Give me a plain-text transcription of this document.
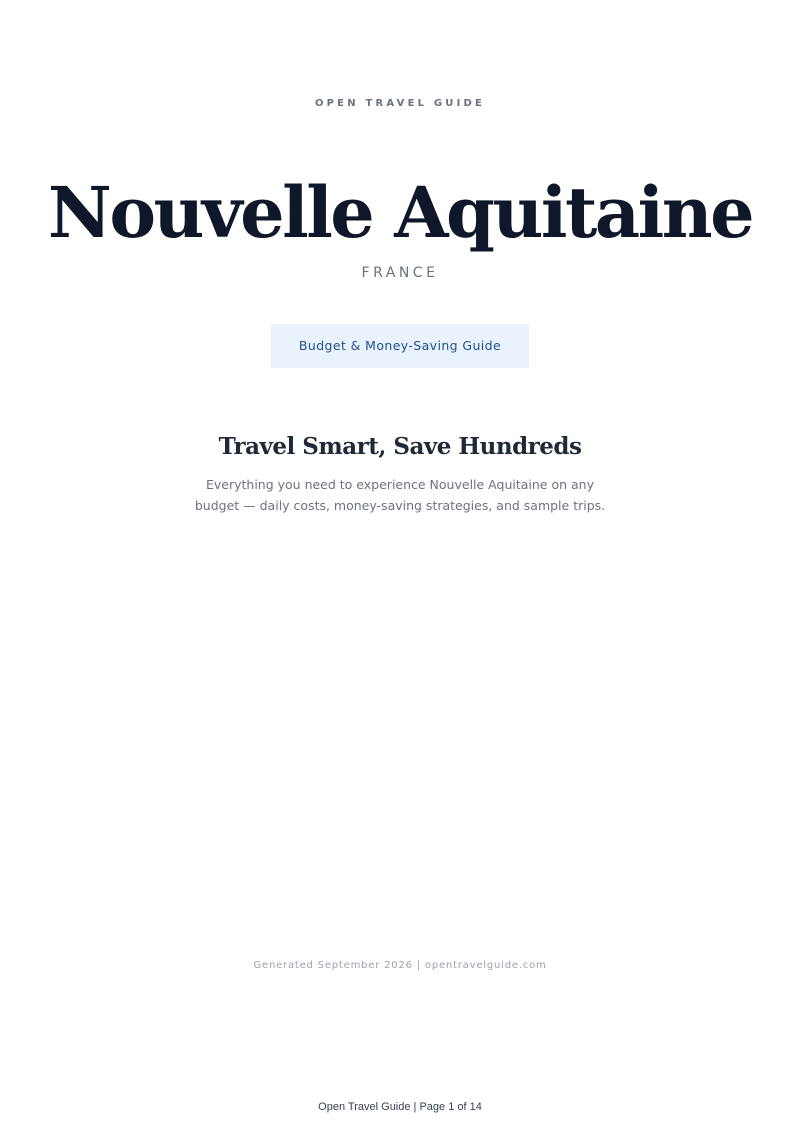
OPEN TRAVEL GUIDE

Nouvelle Aquitaine

FRANCE

Budget & Money-Saving Guide
Travel Smart, Save Hundreds

Everything you need to experience Nouvelle Aquitaine on any budget — daily costs, money-saving strategies, and sample trips.

Generated September 2026 | opentravelguide.com

Open Travel Guide | Page 1 of 14
